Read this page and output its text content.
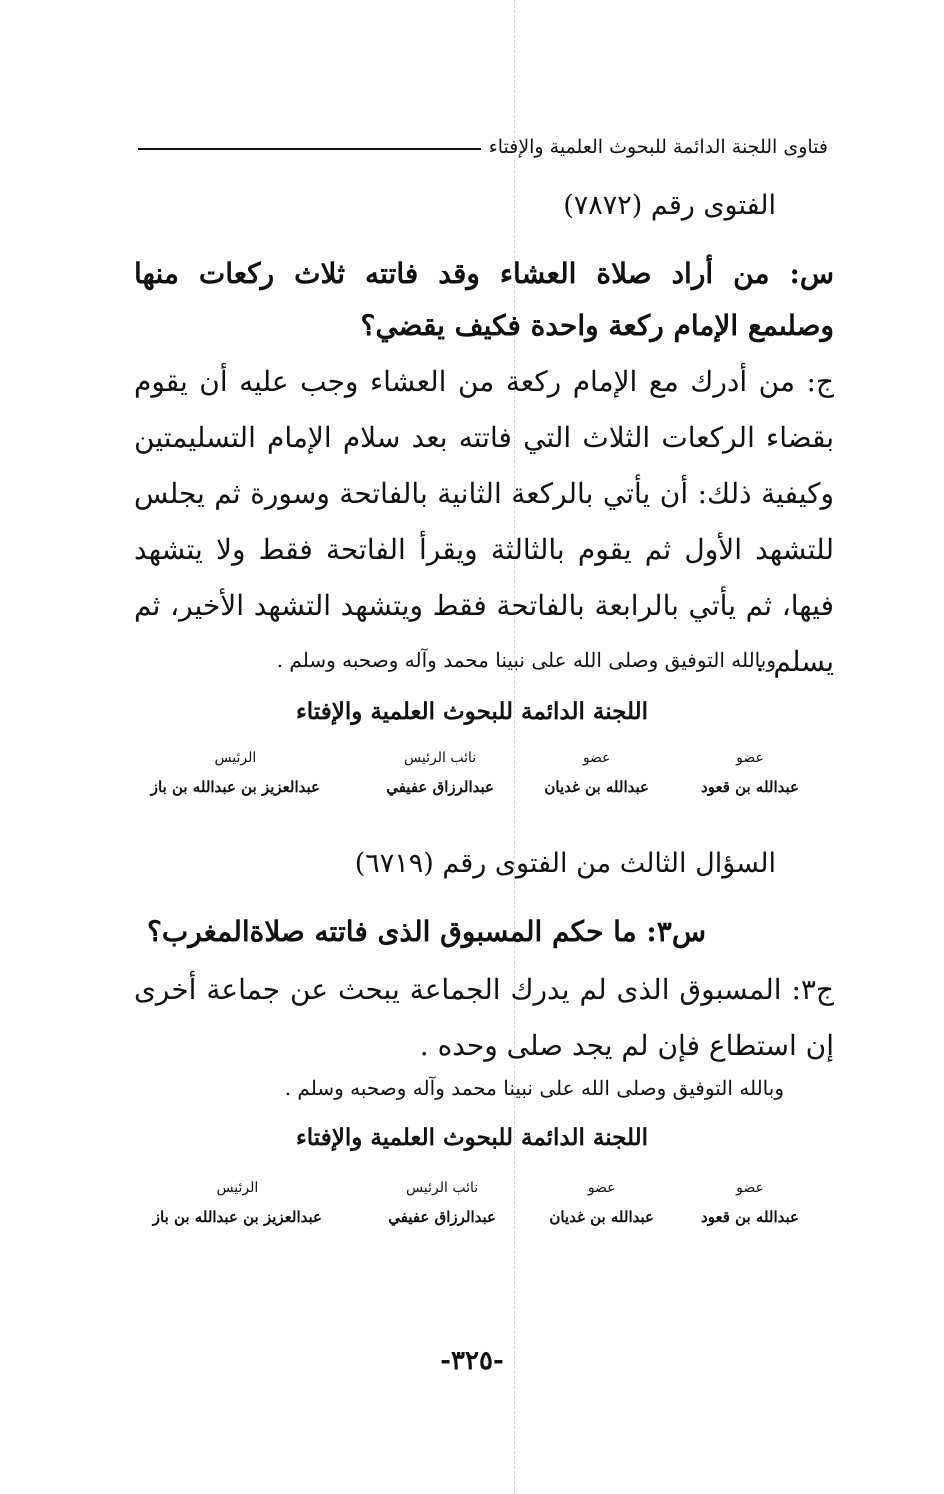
فتاوى اللجنة الدائمة للبحوث العلمية والإفتاء
الفتوى رقم (٧٨٧٢)
س: من أراد صلاة العشاء وقد فاتته ثلاث ركعات منها وصلىمع الإمام ركعة واحدة فكيف يقضي؟
ج: من أدرك مع الإمام ركعة من العشاء وجب عليه أن يقوم بقضاء الركعات الثلاث التي فاتته بعد سلام الإمام التسليمتين وكيفية ذلك: أن يأتي بالركعة الثانية بالفاتحة وسورة ثم يجلس للتشهد الأول ثم يقوم بالثالثة ويقرأ الفاتحة فقط ولا يتشهد فيها، ثم يأتي بالرابعة بالفاتحة فقط ويتشهد التشهد الأخير، ثم يسلم .
وبالله التوفيق وصلى الله على نبينا محمد وآله وصحبه وسلم .
اللجنة الدائمة للبحوث العلمية والإفتاء
عضو
عبدالله بن قعود
عضو
عبدالله بن غديان
نائب الرئيس
عبدالرزاق عفيفي
الرئيس
عبدالعزيز بن عبدالله بن باز
السؤال الثالث من الفتوى رقم (٦٧١٩)
س٣: ما حكم المسبوق الذى فاتته صلاةالمغرب؟
ج٣: المسبوق الذى لم يدرك الجماعة يبحث عن جماعة أخرى إن استطاع فإن لم يجد صلى وحده .
وبالله التوفيق وصلى الله على نبينا محمد وآله وصحبه وسلم .
اللجنة الدائمة للبحوث العلمية والإفتاء
عضو
عبدالله بن قعود
عضو
عبدالله بن غديان
نائب الرئيس
عبدالرزاق عفيفي
الرئيس
عبدالعزيز بن عبدالله بن باز
-٣٢٥-
